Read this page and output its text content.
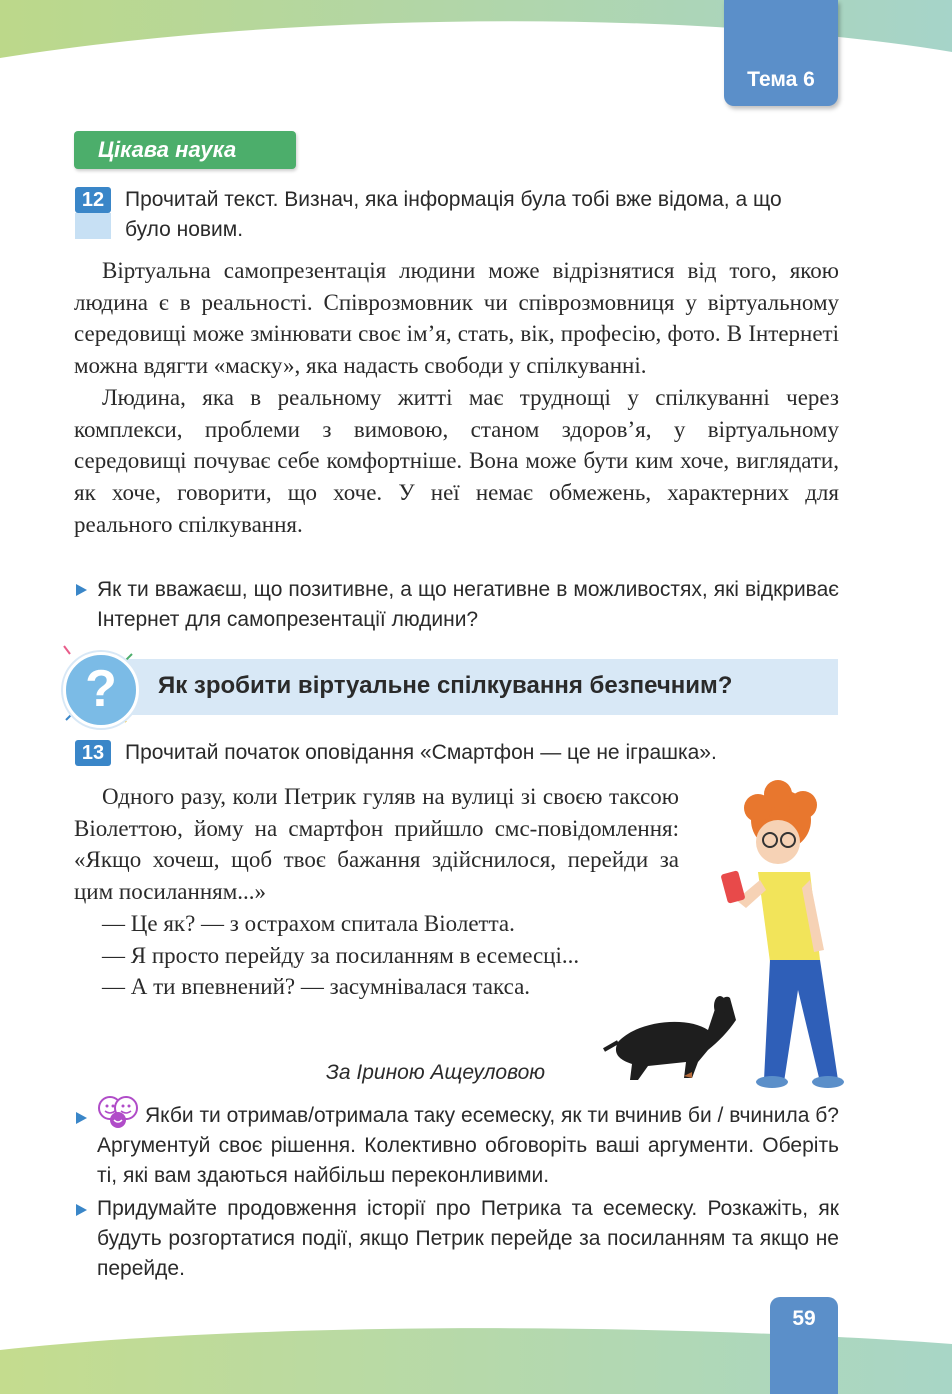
Тема 6
Цікава наука
12 Прочитай текст. Визнач, яка інформація була тобі вже відома, а що
було новим.

Віртуальна самопрезентація людини може відрізнятися від того, якою людина є в реальності. Співрозмовник чи співрозмовниця у віртуальному середовищі може змінювати своє ім’я, стать, вік, професію, фото. В Інтернеті можна вдягти «маску», яка надасть свободи у спілкуванні.

Людина, яка в реальному житті має труднощі у спілкуванні через комплекси, проблеми з вимовою, станом здоров’я, у віртуальному середовищі почуває себе комфортніше. Вона може бути ким хоче, виглядати, як хоче, говорити, що хоче. У неї немає обмежень, характерних для реального спілкування.

Як ти вважаєш, що позитивне, а що негативне в можливостях, які відкриває Інтернет для самопрезентації людини?
?	Як зробити віртуальне спілкування безпечним?
13 Прочитай початок оповідання «Смартфон — це не іграшка».

Одного разу, коли Петрик гуляв на вулиці зі своєю таксою Віолеттою, йому на смартфон прийшло смс-повідомлення: «Якщо хочеш, щоб твоє бажання здійснилося, перейди за цим посиланням...»

— Це як? — з острахом спитала Віолетта.

— Я просто перейду за посиланням в есемесці...

— А ти впевнений? — засумнівалася такса.

За Іриною Ащеуловою
Якби ти отримав/отримала таку есемеску, як ти вчинив би / вчинила б? Аргументуй своє рішення. Колективно обговоріть ваші аргументи. Оберіть ті, які вам здаються найбільш переконливими.
Придумайте продовження історії про Петрика та есемеску. Розкажіть, як будуть розгортатися події, якщо Петрик перейде за посиланням та якщо не перейде.
59
